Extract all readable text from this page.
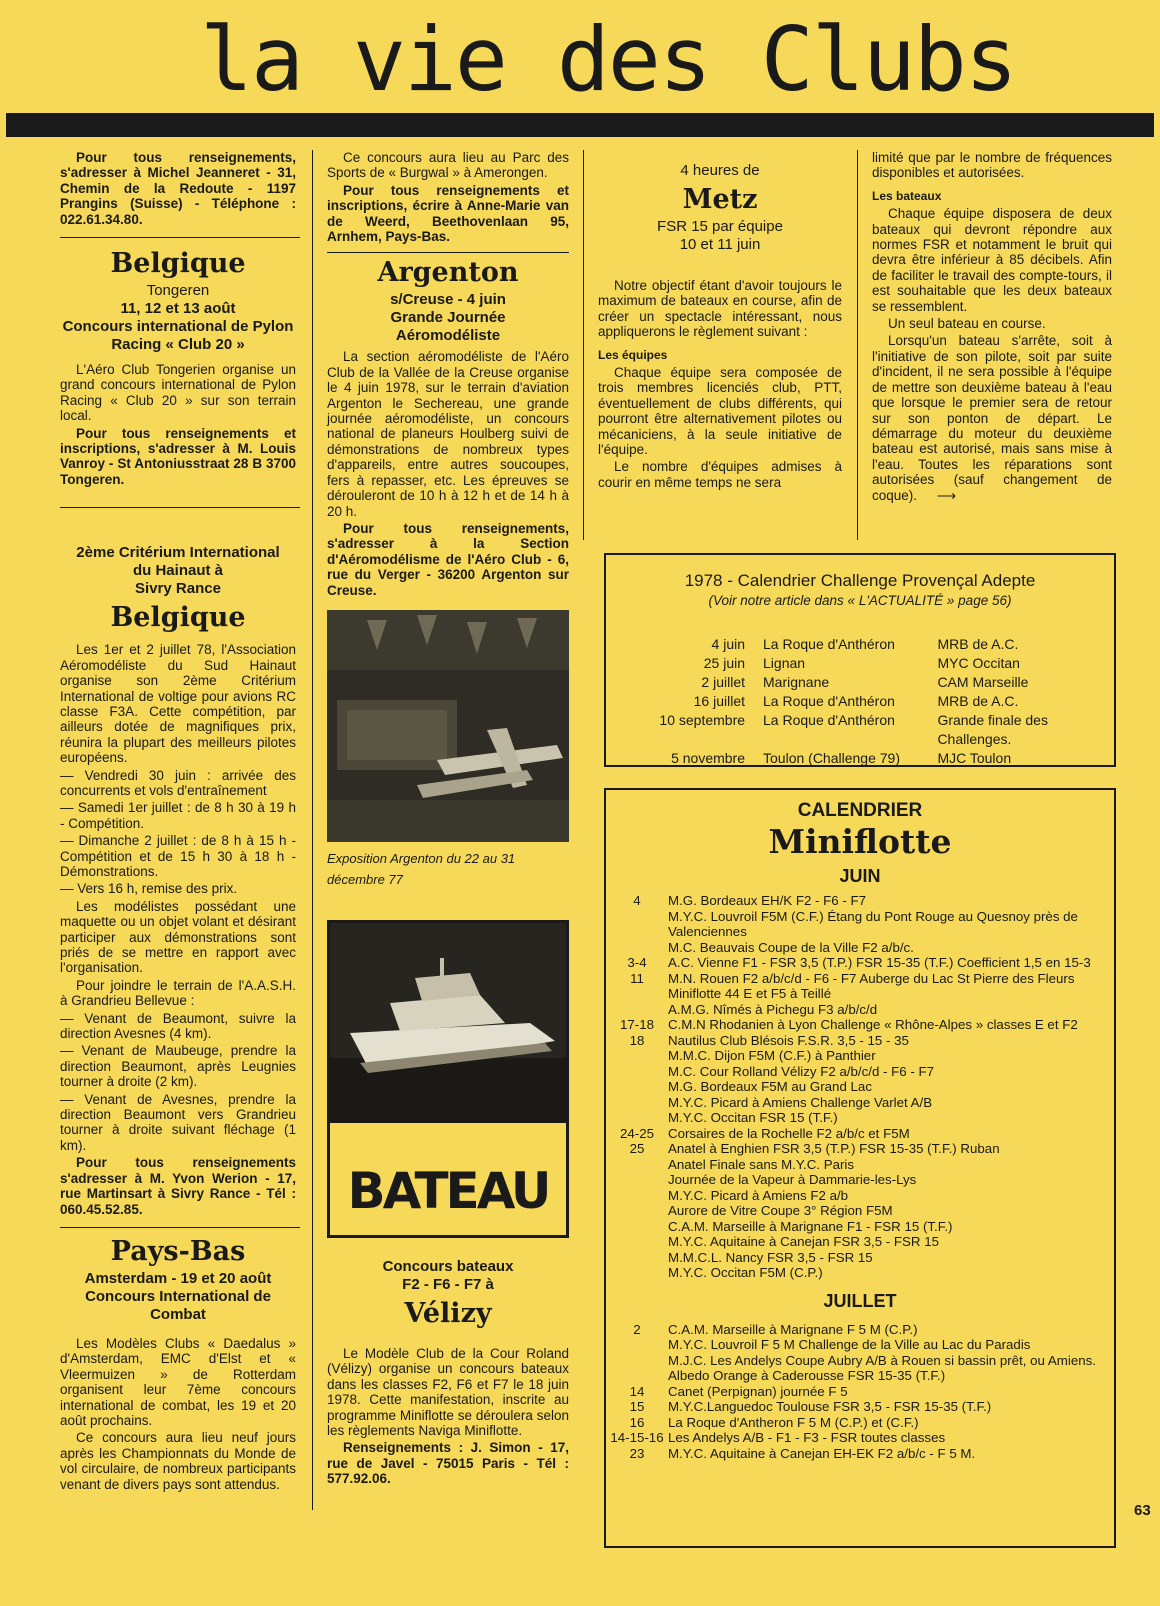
la vie des Clubs

Pour tous renseignements, s'adresser à Michel Jeanneret - 31, Chemin de la Redoute - 1197 Prangins (Suisse) - Téléphone : 022.61.34.80.

Belgique
Tongeren
11, 12 et 13 août
Concours international de Pylon Racing « Club 20 »

L'Aéro Club Tongerien organise un grand concours international de Pylon Racing « Club 20 » sur son terrain local.

Pour tous renseignements et inscriptions, s'adresser à M. Louis Vanroy - St Antoniusstraat 28 B 3700 Tongeren.

2ème Critérium International
du Hainaut à
Sivry Rance
Belgique

Les 1er et 2 juillet 78, l'Association Aéromodéliste du Sud Hainaut organise son 2ème Critérium International de voltige pour avions RC classe F3A. Cette compétition, par ailleurs dotée de magnifiques prix, réunira la plupart des meilleurs pilotes européens.

— Vendredi 30 juin : arrivée des concurrents et vols d'entraînement

— Samedi 1er juillet : de 8 h 30 à 19 h - Compétition.

— Dimanche 2 juillet : de 8 h à 15 h - Compétition et de 15 h 30 à 18 h - Démonstrations.

— Vers 16 h, remise des prix.

Les modélistes possédant une maquette ou un objet volant et désirant participer aux démonstrations sont priés de se mettre en rapport avec l'organisation.

Pour joindre le terrain de l'A.A.S.H. à Grandrieu Bellevue :

— Venant de Beaumont, suivre la direction Avesnes (4 km).

— Venant de Maubeuge, prendre la direction Beaumont, après Leugnies tourner à droite (2 km).

— Venant de Avesnes, prendre la direction Beaumont vers Grandrieu tourner à droite suivant fléchage (1 km).

Pour tous renseignements s'adresser à M. Yvon Werion - 17, rue Martinsart à Sivry Rance - Tél : 060.45.52.85.

Pays-Bas
Amsterdam - 19 et 20 août
Concours International de Combat

Les Modèles Clubs « Daedalus » d'Amsterdam, EMC d'Elst et « Vleermuizen » de Rotterdam organisent leur 7ème concours international de combat, les 19 et 20 août prochains.

Ce concours aura lieu neuf jours après les Championnats du Monde de vol circulaire, de nombreux participants venant de divers pays sont attendus.

Ce concours aura lieu au Parc des Sports de « Burgwal » à Amerongen.

Pour tous renseignements et inscriptions, écrire à Anne-Marie van de Weerd, Beethovenlaan 95, Arnhem, Pays-Bas.

Argenton
s/Creuse - 4 juin
Grande Journée
Aéromodéliste

La section aéromodéliste de l'Aéro Club de la Vallée de la Creuse organise le 4 juin 1978, sur le terrain d'aviation Argenton le Sechereau, une grande journée aéromodéliste, un concours national de planeurs Houlberg suivi de démonstrations de nombreux types d'appareils, entre autres soucoupes, fers à repasser, etc. Les épreuves se dérouleront de 10 h à 12 h et de 14 h à 20 h.

Pour tous renseignements, s'adresser à la Section d'Aéromodélisme de l'Aéro Club - 6, rue du Verger - 36200 Argenton sur Creuse.

Exposition Argenton du 22 au 31 décembre 77
BATEAU
Concours bateaux
F2 - F6 - F7 à
Vélizy

Le Modèle Club de la Cour Roland (Vélizy) organise un concours bateaux dans les classes F2, F6 et F7 le 18 juin 1978. Cette manifestation, inscrite au programme Miniflotte se déroulera selon les règlements Naviga Miniflotte.

Renseignements : J. Simon - 17, rue de Javel - 75015 Paris - Tél : 577.92.06.

4 heures de
Metz
FSR 15 par équipe
10 et 11 juin

Notre objectif étant d'avoir toujours le maximum de bateaux en course, afin de créer un spectacle intéressant, nous appliquerons le règlement suivant :

Les équipes

Chaque équipe sera composée de trois membres licenciés club, PTT, éventuellement de clubs différents, qui pourront être alternativement pilotes ou mécaniciens, à la seule initiative de l'équipe.

Le nombre d'équipes admises à courir en même temps ne sera

limité que par le nombre de fréquences disponibles et autorisées.

Les bateaux

Chaque équipe disposera de deux bateaux qui devront répondre aux normes FSR et notamment le bruit qui devra être inférieur à 85 décibels. Afin de faciliter le travail des compte-tours, il est souhaitable que les deux bateaux se ressemblent.

Un seul bateau en course.

Lorsqu'un bateau s'arrête, soit à l'initiative de son pilote, soit par suite d'incident, il ne sera possible à l'équipe de mettre son deuxième bateau à l'eau que lorsque le premier sera de retour sur son ponton de départ. Le démarrage du moteur du deuxième bateau est autorisé, mais sans mise à l'eau. Toutes les réparations sont autorisées (sauf changement de coque). ⟶

1978 - Calendrier Challenge Provençal Adepte
(Voir notre article dans « L'ACTUALITÉ » page 56)
4 juin	La Roque d'Anthéron	MRB de A.C.
25 juin	Lignan	MYC Occitan
2 juillet	Marignane	CAM Marseille
16 juillet	La Roque d'Anthéron	MRB de A.C.
10 septembre	La Roque d'Anthéron	Grande finale des Challenges.
5 novembre	Toulon (Challenge 79)	MJC Toulon
CALENDRIER
Miniflotte
JUIN
4	M.G. Bordeaux EH/K F2 - F6 - F7
M.Y.C. Louvroil F5M (C.F.) Étang du Pont Rouge au Quesnoy près de Valenciennes
M.C. Beauvais Coupe de la Ville F2 a/b/c.
3-4	A.C. Vienne F1 - FSR 3,5 (T.P.) FSR 15-35 (T.F.) Coefficient 1,5 en 15-3
11	M.N. Rouen F2 a/b/c/d - F6 - F7 Auberge du Lac St Pierre des Fleurs
Miniflotte 44 E et F5 à Teillé
A.M.G. Nîmés à Pichegu F3 a/b/c/d
17-18	C.M.N Rhodanien à Lyon Challenge « Rhône-Alpes » classes E et F2
18	Nautilus Club Blésois F.S.R. 3,5 - 15 - 35
M.M.C. Dijon F5M (C.F.) à Panthier
M.C. Cour Rolland Vélizy F2 a/b/c/d - F6 - F7
M.G. Bordeaux F5M au Grand Lac
M.Y.C. Picard à Amiens Challenge Varlet A/B
M.Y.C. Occitan FSR 15 (T.F.)
24-25	Corsaires de la Rochelle F2 a/b/c et F5M
25	Anatel à Enghien FSR 3,5 (T.P.) FSR 15-35 (T.F.) Ruban
Anatel Finale sans M.Y.C. Paris
Journée de la Vapeur à Dammarie-les-Lys
M.Y.C. Picard à Amiens F2 a/b
Aurore de Vitre Coupe 3° Région F5M
C.A.M. Marseille à Marignane F1 - FSR 15 (T.F.)
M.Y.C. Aquitaine à Canejan FSR 3,5 - FSR 15
M.M.C.L. Nancy FSR 3,5 - FSR 15
M.Y.C. Occitan F5M (C.P.)
JUILLET
2	C.A.M. Marseille à Marignane F 5 M (C.P.)
M.Y.C. Louvroil F 5 M Challenge de la Ville au Lac du Paradis
M.J.C. Les Andelys Coupe Aubry A/B à Rouen si bassin prêt, ou Amiens.
Albedo Orange à Caderousse FSR 15-35 (T.F.)
14	Canet (Perpignan) journée F 5
15	M.Y.C.Languedoc Toulouse FSR 3,5 - FSR 15-35 (T.F.)
16	La Roque d'Antheron F 5 M (C.P.) et (C.F.)
14-15-16 Les Andelys A/B - F1 - F3 - FSR toutes classes
23	M.Y.C. Aquitaine à Canejan EH-EK F2 a/b/c - F 5 M.
63
